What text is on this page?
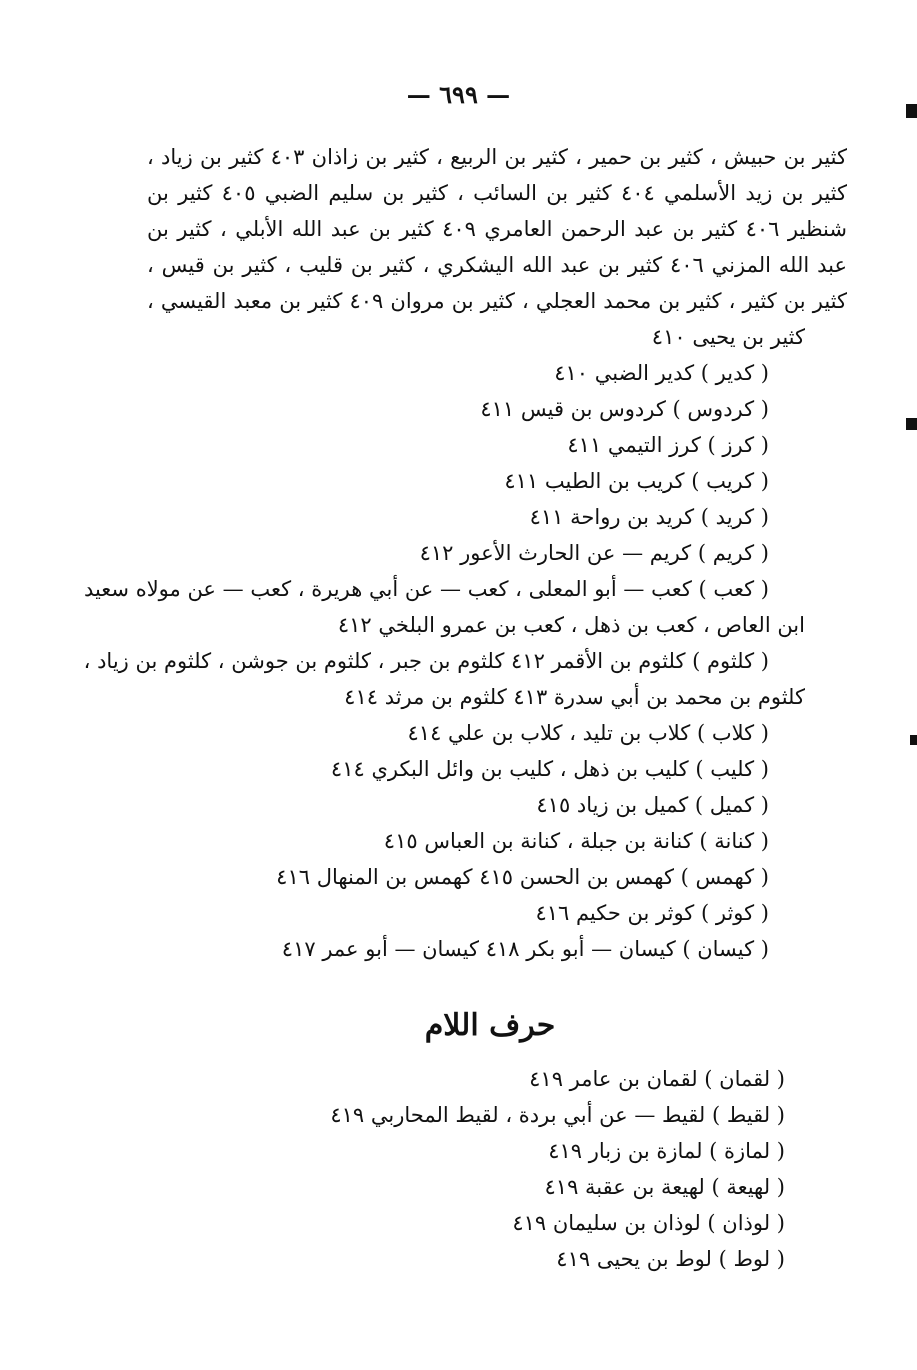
— ٦٩٩ —
كثير بن حبيش ، كثير بن حمير ، كثير بن الربيع ، كثير بن زاذان ٤٠٣ كثير بن زياد ،
كثير بن زيد الأسلمي ٤٠٤ كثير بن السائب ، كثير بن سليم الضبي ٤٠٥ كثير بن
شنظير ٤٠٦ كثير بن عبد الرحمن العامري ٤٠٩ كثير بن عبد الله الأبلي ، كثير بن
عبد الله المزني ٤٠٦ كثير بن عبد الله اليشكري ، كثير بن قليب ، كثير بن قيس ،
كثير بن كثير ، كثير بن محمد العجلي ، كثير بن مروان ٤٠٩ كثير بن معبد القيسي ،
كثير بن يحيى ٤١٠
( كدير ) كدير الضبي ٤١٠
( كردوس ) كردوس بن قيس ٤١١
( كرز ) كرز التيمي ٤١١
( كريب ) كريب بن الطيب ٤١١
( كريد ) كريد بن رواحة ٤١١
( كريم ) كريم — عن الحارث الأعور ٤١٢
( كعب ) كعب — أبو المعلى ، كعب — عن أبي هريرة ، كعب — عن مولاه سعيد
ابن العاص ، كعب بن ذهل ، كعب بن عمرو البلخي ٤١٢
( كلثوم ) كلثوم بن الأقمر ٤١٢ كلثوم بن جبر ، كلثوم بن جوشن ، كلثوم بن زياد ،
كلثوم بن محمد بن أبي سدرة ٤١٣ كلثوم بن مرثد ٤١٤
( كلاب ) كلاب بن تليد ، كلاب بن علي ٤١٤
( كليب ) كليب بن ذهل ، كليب بن وائل البكري ٤١٤
( كميل ) كميل بن زياد ٤١٥
( كنانة ) كنانة بن جبلة ، كنانة بن العباس ٤١٥
( كهمس ) كهمس بن الحسن ٤١٥ كهمس بن المنهال ٤١٦
( كوثر ) كوثر بن حكيم ٤١٦
( كيسان ) كيسان — أبو بكر ٤١٨ كيسان — أبو عمر ٤١٧
حرف اللام
( لقمان ) لقمان بن عامر ٤١٩
( لقيط ) لقيط — عن أبي بردة ، لقيط المحاربي ٤١٩
( لمازة ) لمازة بن زبار ٤١٩
( لهيعة ) لهيعة بن عقبة ٤١٩
( لوذان ) لوذان بن سليمان ٤١٩
( لوط ) لوط بن يحيى ٤١٩
